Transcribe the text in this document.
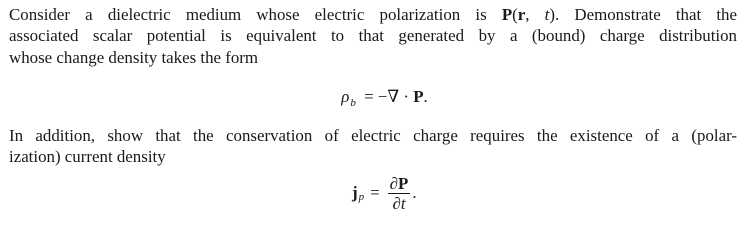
Consider a dielectric medium whose electric polarization is P(r, t). Demonstrate that the
associated scalar potential is equivalent to that generated by a (bound) charge distribution
whose change density takes the form
$\rho_b$ = −∇ · P.
In addition, show that the conservation of electric charge requires the existence of a (polar-
ization) current density
j $p = \frac{\partial P}{\partial t}$ .
